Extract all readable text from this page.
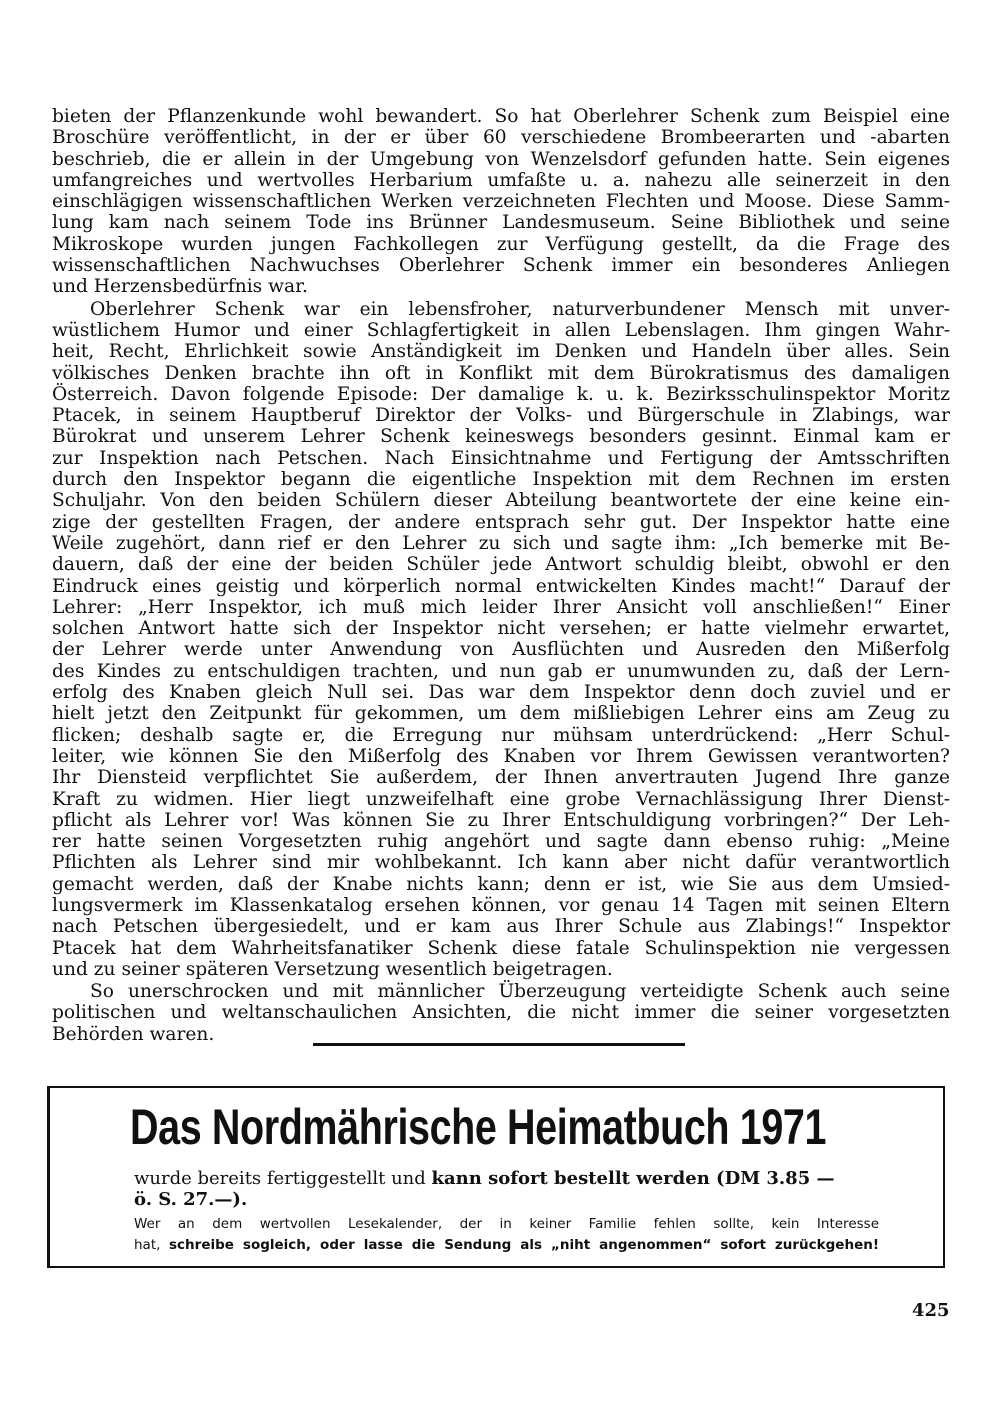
bieten der Pflanzenkunde wohl bewandert. So hat Oberlehrer Schenk zum Beispiel eine
Broschüre veröffentlicht, in der er über 60 verschiedene Brombeerarten und -abarten
beschrieb, die er allein in der Umgebung von Wenzelsdorf gefunden hatte. Sein eigenes
umfangreiches und wertvolles Herbarium umfaßte u. a. nahezu alle seinerzeit in den
einschlägigen wissenschaftlichen Werken verzeichneten Flechten und Moose. Diese Samm-
lung kam nach seinem Tode ins Brünner Landesmuseum. Seine Bibliothek und seine
Mikroskope wurden jungen Fachkollegen zur Verfügung gestellt, da die Frage des
wissenschaftlichen Nachwuchses Oberlehrer Schenk immer ein besonderes Anliegen
und Herzensbedürfnis war.

Oberlehrer Schenk war ein lebensfroher, naturverbundener Mensch mit unver-
wüstlichem Humor und einer Schlagfertigkeit in allen Lebenslagen. Ihm gingen Wahr-
heit, Recht, Ehrlichkeit sowie Anständigkeit im Denken und Handeln über alles. Sein
völkisches Denken brachte ihn oft in Konflikt mit dem Bürokratismus des damaligen
Österreich. Davon folgende Episode: Der damalige k. u. k. Bezirksschulinspektor Moritz
Ptacek, in seinem Hauptberuf Direktor der Volks- und Bürgerschule in Zlabings, war
Bürokrat und unserem Lehrer Schenk keineswegs besonders gesinnt. Einmal kam er
zur Inspektion nach Petschen. Nach Einsichtnahme und Fertigung der Amtsschriften
durch den Inspektor begann die eigentliche Inspektion mit dem Rechnen im ersten
Schuljahr. Von den beiden Schülern dieser Abteilung beantwortete der eine keine ein-
zige der gestellten Fragen, der andere entsprach sehr gut. Der Inspektor hatte eine
Weile zugehört, dann rief er den Lehrer zu sich und sagte ihm: „Ich bemerke mit Be-
dauern, daß der eine der beiden Schüler jede Antwort schuldig bleibt, obwohl er den
Eindruck eines geistig und körperlich normal entwickelten Kindes macht!“ Darauf der
Lehrer: „Herr Inspektor, ich muß mich leider Ihrer Ansicht voll anschließen!“ Einer
solchen Antwort hatte sich der Inspektor nicht versehen; er hatte vielmehr erwartet,
der Lehrer werde unter Anwendung von Ausflüchten und Ausreden den Mißerfolg
des Kindes zu entschuldigen trachten, und nun gab er unumwunden zu, daß der Lern-
erfolg des Knaben gleich Null sei. Das war dem Inspektor denn doch zuviel und er
hielt jetzt den Zeitpunkt für gekommen, um dem mißliebigen Lehrer eins am Zeug zu
flicken; deshalb sagte er, die Erregung nur mühsam unterdrückend: „Herr Schul-
leiter, wie können Sie den Mißerfolg des Knaben vor Ihrem Gewissen verantworten?
Ihr Diensteid verpflichtet Sie außerdem, der Ihnen anvertrauten Jugend Ihre ganze
Kraft zu widmen. Hier liegt unzweifelhaft eine grobe Vernachlässigung Ihrer Dienst-
pflicht als Lehrer vor! Was können Sie zu Ihrer Entschuldigung vorbringen?“ Der Leh-
rer hatte seinen Vorgesetzten ruhig angehört und sagte dann ebenso ruhig: „Meine
Pflichten als Lehrer sind mir wohlbekannt. Ich kann aber nicht dafür verantwortlich
gemacht werden, daß der Knabe nichts kann; denn er ist, wie Sie aus dem Umsied-
lungsvermerk im Klassenkatalog ersehen können, vor genau 14 Tagen mit seinen Eltern
nach Petschen übergesiedelt, und er kam aus Ihrer Schule aus Zlabings!“ Inspektor
Ptacek hat dem Wahrheitsfanatiker Schenk diese fatale Schulinspektion nie vergessen
und zu seiner späteren Versetzung wesentlich beigetragen.

So unerschrocken und mit männlicher Überzeugung verteidigte Schenk auch seine
politischen und weltanschaulichen Ansichten, die nicht immer die seiner vorgesetzten
Behörden waren.

Das Nordmährische Heimatbuch 1971

wurde bereits fertiggestellt und kann sofort bestellt werden (DM 3.85 —
ö. S. 27.—).

Wer an dem wertvollen Lesekalender, der in keiner Familie fehlen sollte, kein Interesse
hat, schreibe sogleich, oder lasse die Sendung als „niht angenommen“ sofort zurückgehen!

425
